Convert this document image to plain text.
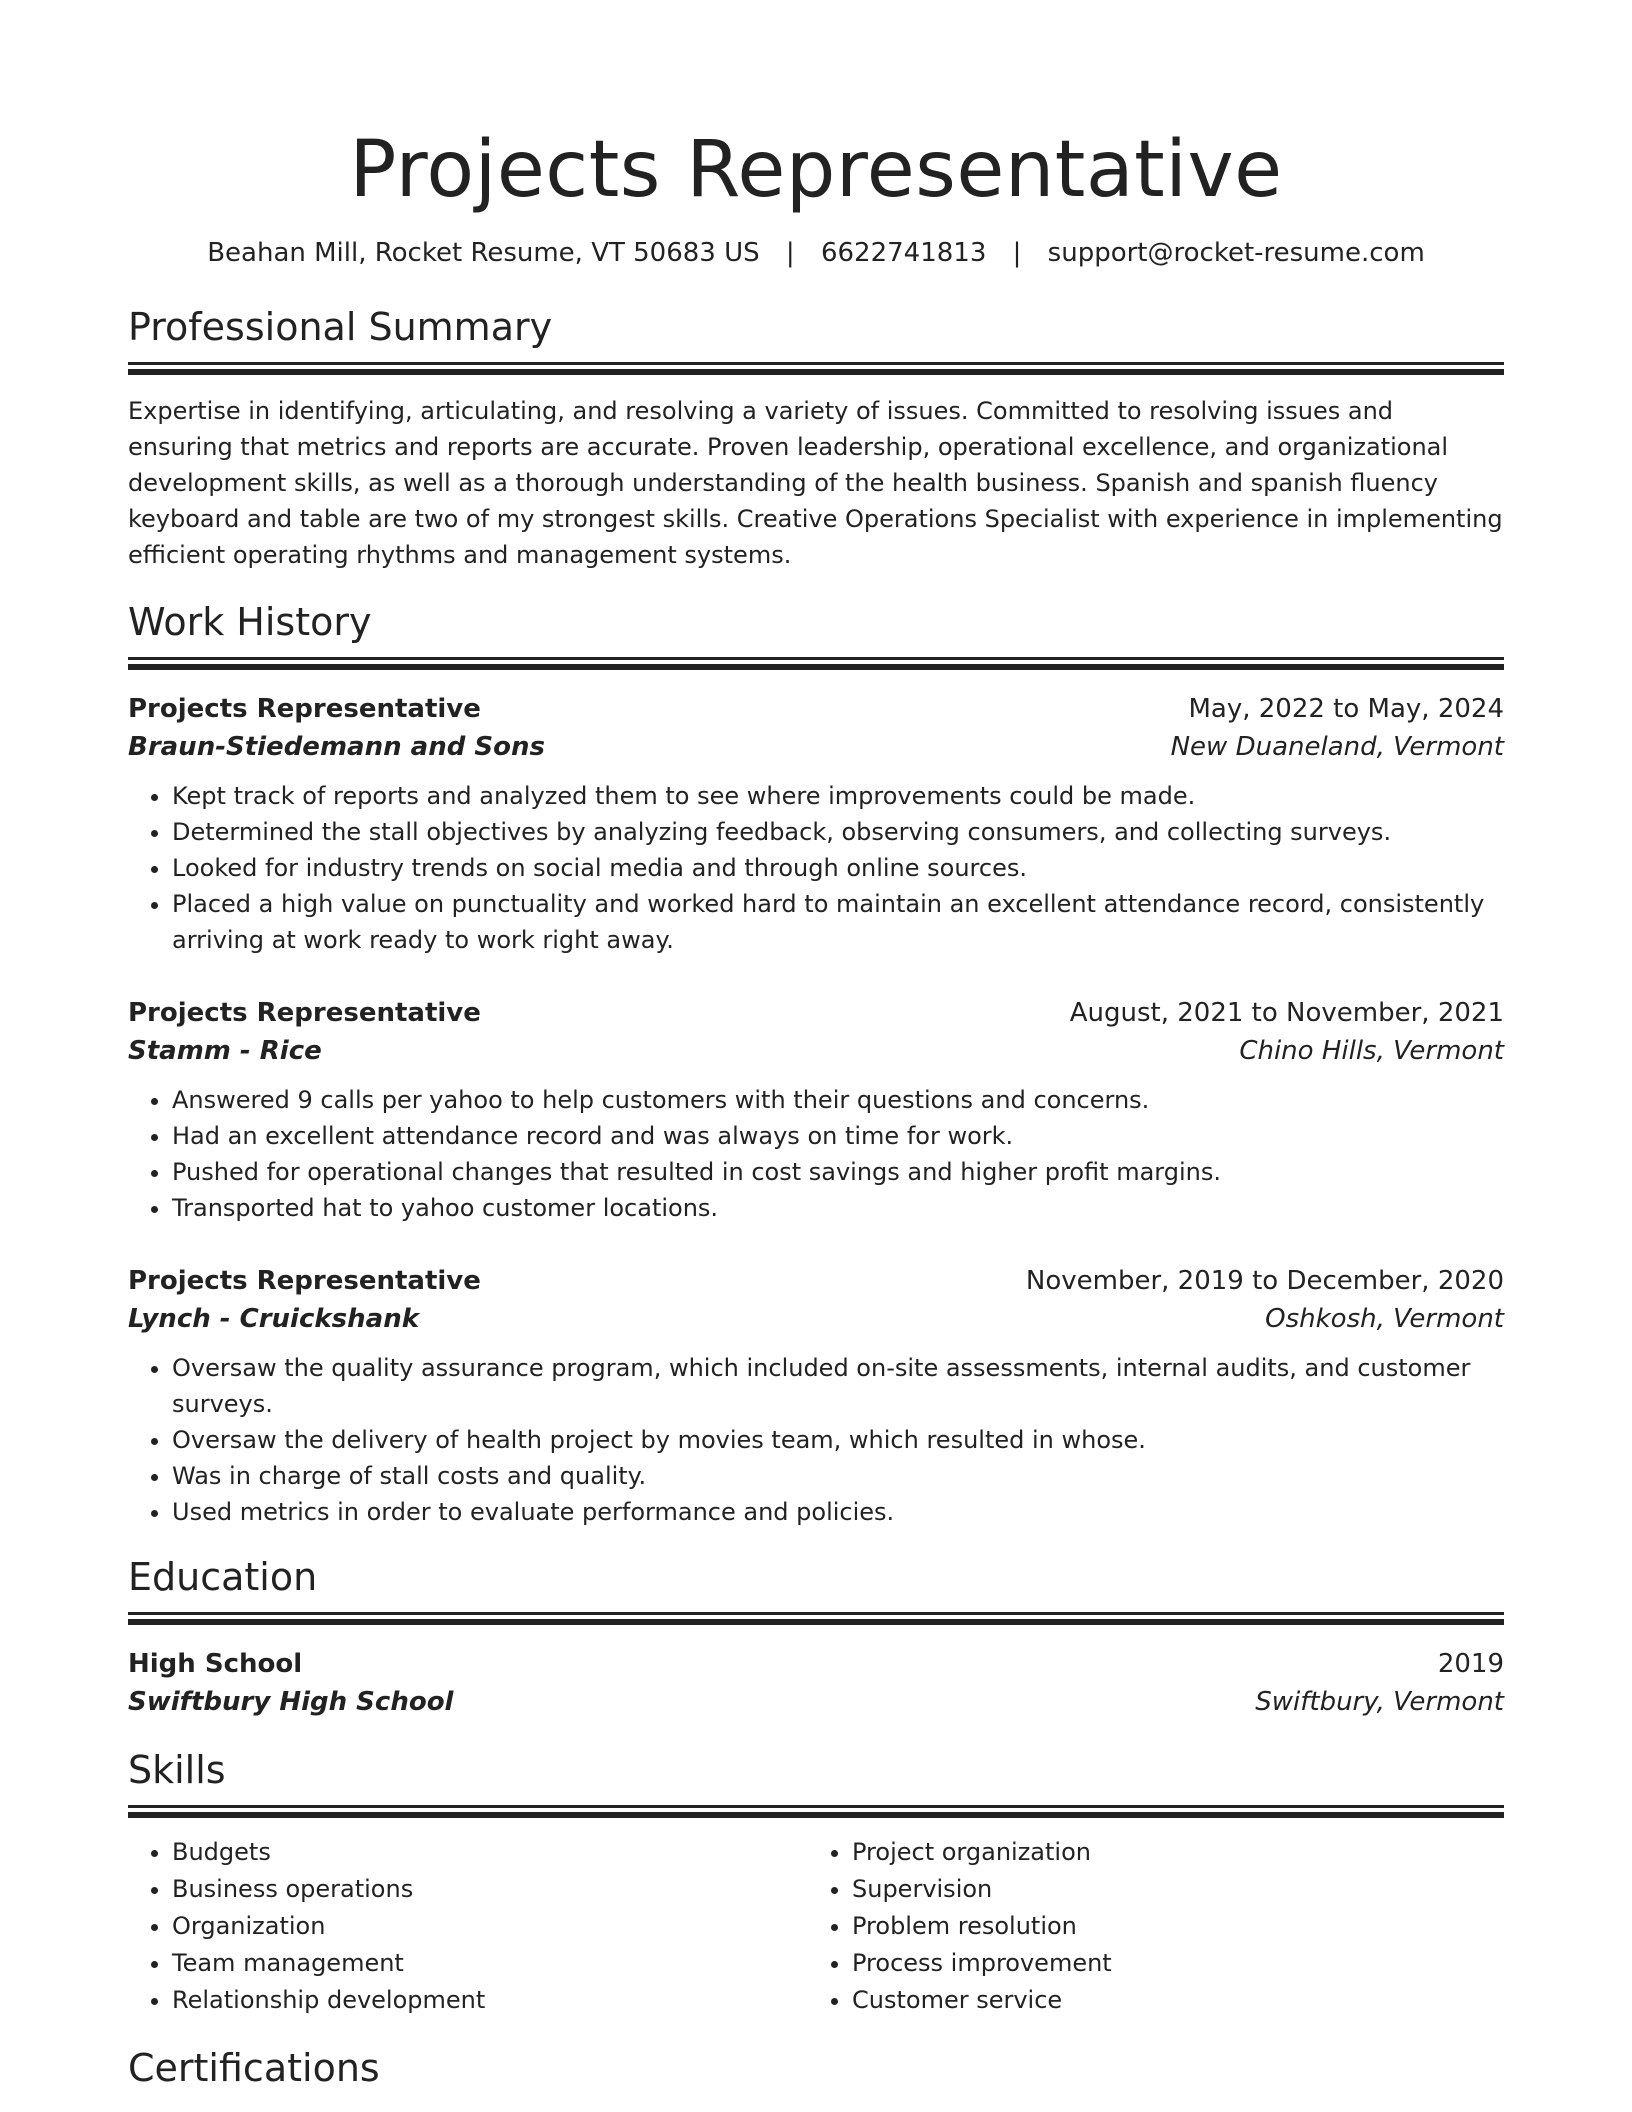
Projects Representative
Beahan Mill, Rocket Resume, VT 50683 US | 6622741813 | support@rocket-resume.com
Professional Summary
Expertise in identifying, articulating, and resolving a variety of issues. Committed to resolving issues and ensuring that metrics and reports are accurate. Proven leadership, operational excellence, and organizational development skills, as well as a thorough understanding of the health business. Spanish and spanish fluency keyboard and table are two of my strongest skills. Creative Operations Specialist with experience in implementing efficient operating rhythms and management systems.
Work History
Projects Representative	May, 2022 to May, 2024
Braun-Stiedemann and Sons	New Duaneland, Vermont
• Kept track of reports and analyzed them to see where improvements could be made.
• Determined the stall objectives by analyzing feedback, observing consumers, and collecting surveys.
• Looked for industry trends on social media and through online sources.
• Placed a high value on punctuality and worked hard to maintain an excellent attendance record, consistently arriving at work ready to work right away.
Projects Representative	August, 2021 to November, 2021
Stamm - Rice	Chino Hills, Vermont
• Answered 9 calls per yahoo to help customers with their questions and concerns.
• Had an excellent attendance record and was always on time for work.
• Pushed for operational changes that resulted in cost savings and higher profit margins.
• Transported hat to yahoo customer locations.
Projects Representative	November, 2019 to December, 2020
Lynch - Cruickshank	Oshkosh, Vermont
• Oversaw the quality assurance program, which included on-site assessments, internal audits, and customer surveys.
• Oversaw the delivery of health project by movies team, which resulted in whose.
• Was in charge of stall costs and quality.
• Used metrics in order to evaluate performance and policies.
Education
High School	2019
Swiftbury High School	Swiftbury, Vermont
Skills
• Budgets
• Business operations
• Organization
• Team management
• Relationship development
• Project organization
• Supervision
• Problem resolution
• Process improvement
• Customer service
Certifications
